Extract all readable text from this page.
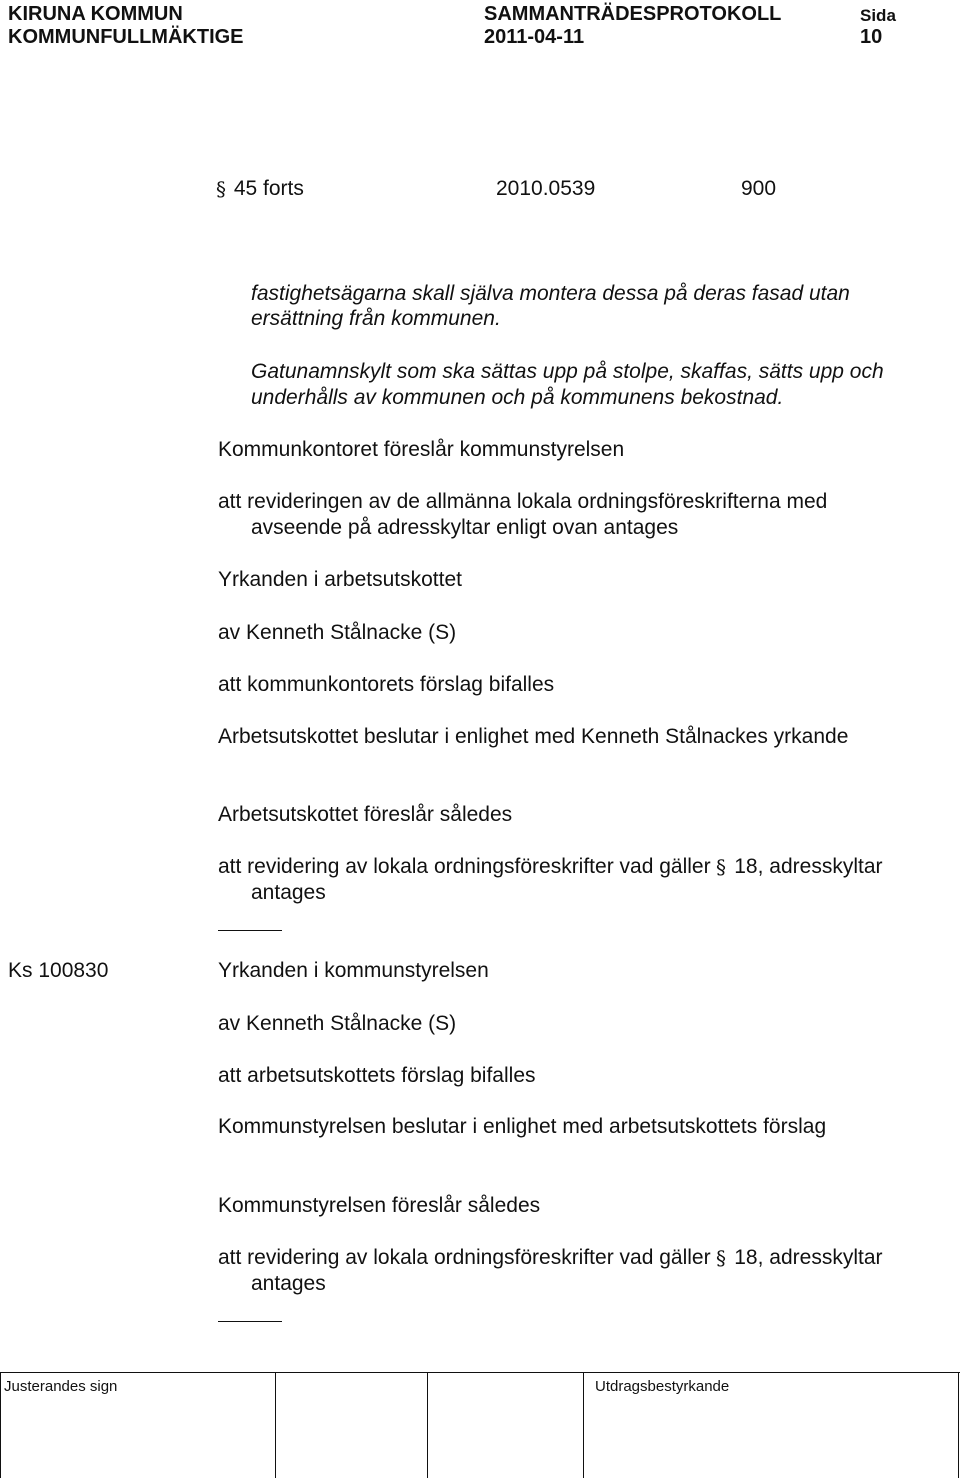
KIRUNA KOMMUN
KOMMUNFULLMÄKTIGE
SAMMANTRÄDESPROTOKOLL
2011-04-11
Sida
10
§ 45 forts	2010.0539	900
fastighetsägarna skall själva montera dessa på deras fasad utan
ersättning från kommunen.
Gatunamnskylt som ska sättas upp på stolpe, skaffas, sätts upp och
underhålls av kommunen och på kommunens bekostnad.
Kommunkontoret föreslår kommunstyrelsen
att revideringen av de allmänna lokala ordningsföreskrifterna med
avseende på adresskyltar enligt ovan antages
Yrkanden i arbetsutskottet
av Kenneth Stålnacke (S)
att kommunkontorets förslag bifalles
Arbetsutskottet beslutar i enlighet med Kenneth Stålnackes yrkande
Arbetsutskottet föreslår således
att revidering av lokala ordningsföreskrifter vad gäller § 18, adresskyltar
antages
Ks 100830	Yrkanden i kommunstyrelsen
av Kenneth Stålnacke (S)
att arbetsutskottets förslag bifalles
Kommunstyrelsen beslutar i enlighet med arbetsutskottets förslag
Kommunstyrelsen föreslår således
att revidering av lokala ordningsföreskrifter vad gäller § 18, adresskyltar
antages
Justerandes sign	Utdragsbestyrkande
